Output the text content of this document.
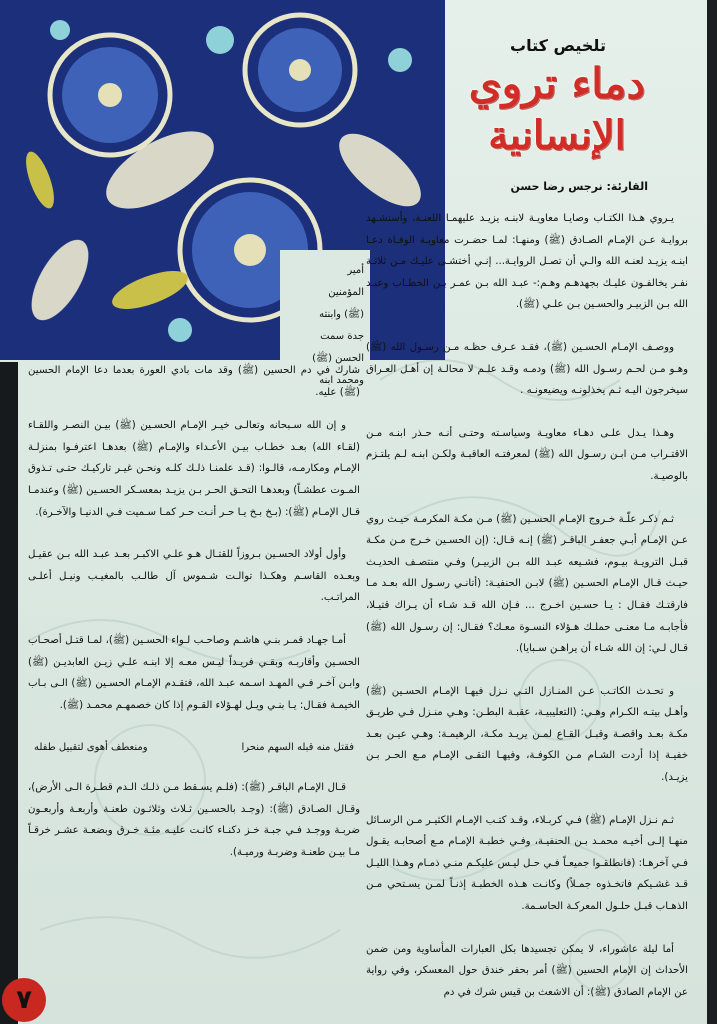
أمير
المؤمنين
(ﷺ) وابنته
جدة سمت
الحسن (ﷺ)
ومحمد ابنه
تلخيص كتاب
دماء تروي
الإنسانية
القارئة: نرجس رضا حسن

يـروي هـذا الكتـاب وصايـا معاويـة لابنـه يزيـد عليهمـا اللعنـة، وأستشـهد بروايـة عـن الإمـام الصـادق (ﷺ) ومنهـا: لمـا حضـرت معاويـة الوفـاة دعـا ابنـه يزيـد لعنـه الله والـي أن تصـل الروايـة... إنـي أختشـى عليـك مـن ثلاثـة نفـر يخالفـون عليـك بجهدهـم وهـم:- عبـد الله بـن عمـر بـن الخطـاب وعبـد الله بـن الزبيـر والحسـين بـن علـي (ﷺ).

ووصـف الإمـام الحسـين (ﷺ)، فقـد عـرف حظـه مـن رسـول الله (ﷺ) وهـو مـن لحـم رسـول الله (ﷺ) ودمـه وقـد علـم لا محالـة إن أهـل العـراق سيخرجون اليـه ثـم يخذلونـه ويضيعونـه .

وهـذا يـدل علـى دهـاء معاويـة وسياسـته وحتـى أنـه حـذر ابنـه مـن الاقتـراب مـن ابـن رسـول الله (ﷺ) لمعرفتـه العاقبـة ولكـن ابنـه لـم يلتـزم بالوصيـة.

ثـم ذكـر علّـة خـروج الإمـام الحسـين (ﷺ) مـن مكـة المكرمـة حيـث روي عـن الإمـام أبـي جعفـر الباقـر (ﷺ) إنـه قـال: (إن الحسـين خـرج مـن مكـة قبـل الترويـة بيـوم، فشـيعه عبـد الله بـن الزبيـر) وفـي منتصـف الحديـث حيـث قـال الإمـام الحسـين (ﷺ) لابـن الحنفيـة: (أتانـي رسـول الله بعـد مـا فارقتـك فقـال : يـا حسـين اخـرج ... فـإن الله قـد شـاء أن يـراك قتيـلا، فأجابـه مـا معنـى حملـك هـؤلاء النسـوة معـك؟ فقـال: إن رسـول الله (ﷺ) قـال لـي: إن الله شـاء أن يراهـن سـبايا).

و تحـدث الكاتـب عـن المنـازل التـي نـزل فيهـا الإمـام الحسـين (ﷺ) وأهـل بيتـه الكـرام وهـي: (التعليبيـة، عقبـة البطـن: وهـي منـزل فـي طريـق مكـة بعـد واقصـة وقبـل القـاع لمـن يريـد مكـة، الرهيمـة: وهـي عيـن بعـد خفيـة إذا أردت الشـام مـن الكوفـة، وفيهـا التقـى الإمـام مـع الحـر بـن يزيـد).

ثـم نـزل الإمـام (ﷺ) فـي كربـلاء، وقـد كتـب الإمـام الكثيـر مـن الرسـائل منهـا إلـى أخيـه محمـد بـن الحنفيـة، وفـي خطبـة الإمـام مـع أصحابـه يقـول فـي آخرهـا: (فانطلقـوا جميعـاً فـي حـل ليـس عليكـم منـي ذمـام وهـذا الليـل قـد غشـيكم فاتخـذوه جمـلاً) وكانـت هـذه الخطبـة إذنـاً لمـن يسـتحي مـن الذهـاب قبـل حلـول المعركـة الحاسـمة.

أما ليلة عاشوراء، لا يمكن تجسيدها بكل العبارات المأساوية ومن ضمن الأحداث إن الإمام الحسين (ﷺ) أمر بحفر خندق حول المعسكر، وفي رواية عن الإمام الصادق (ﷺ): أن الاشعث بن قيس شرك في دم

شارك في دم الحسين (ﷺ) وقد مات بادي العورة بعدما دعا الإمام الحسين (ﷺ) عليه.

و إن الله سـبحانه وتعالـى خيـر الإمـام الحسـين (ﷺ) بيـن النصـر واللقـاء (لقـاء الله) بعـد خطـاب بيـن الأعـداء والإمـام (ﷺ) بعدهـا اعترفـوا بمنزلـة الإمـام ومكارمـه، قالـوا: (قـد علمنـا ذلـك كلـه ونحـن غيـر تاركيـك حتـى تـذوق المـوت عطشـاً) وبعدهـا التحـق الحـر بـن يزيـد بمعسـكر الحسـين (ﷺ) وعندمـا قـال الإمـام (ﷺ): (بـخ بـخ يـا حـر أنـت حـر كمـا سـميت فـي الدنيـا والآخـرة).

وأول أولاد الحسـين بـروزاً للقتـال هـو علـي الاكبـر بعـد عبـد الله بـن عقيـل وبعـده القاسـم وهكـذا توالـت شـموس آل طالـب بالمغيـب ونيـل أعلـى المراتـب.

أمـا جهـاد قمـر بنـي هاشـم وصاحـب لـواء الحسـين (ﷺ)، لمـا قتـل أصحـاب الحسـين وأقاربـه وبقـي فريـداً ليـس معـه إلا ابنـه علـي زيـن العابديـن (ﷺ) وابـن آخـر فـي المهـد اسـمه عبـد الله، فتقـدم الإمـام الحسـين (ﷺ) الـى بـاب الخيمـة فقـال: يـا بنـي ويـل لهـؤلاء القـوم إذا كان خصمهـم محمـد (ﷺ).

فقتل منه قبله السهم منحرا
ومنعطف أهوى لتقبيل طفله

قـال الإمـام الباقـر (ﷺ): (فلـم يسـقط مـن ذلـك الـدم قطـرة الـى الأرض)، وقـال الصـادق (ﷺ): (وجـد بالحسـين ثـلاث وثلاثـون طعنـة وأربعـة وأربعـون ضربـة ووجـد فـي جبـة خـز دكنـاء كانـت عليـه مئـة خـرق وبضعـة عشـر خرقـاً مـا بيـن طعنـة وضربـة ورميـة).

٧
